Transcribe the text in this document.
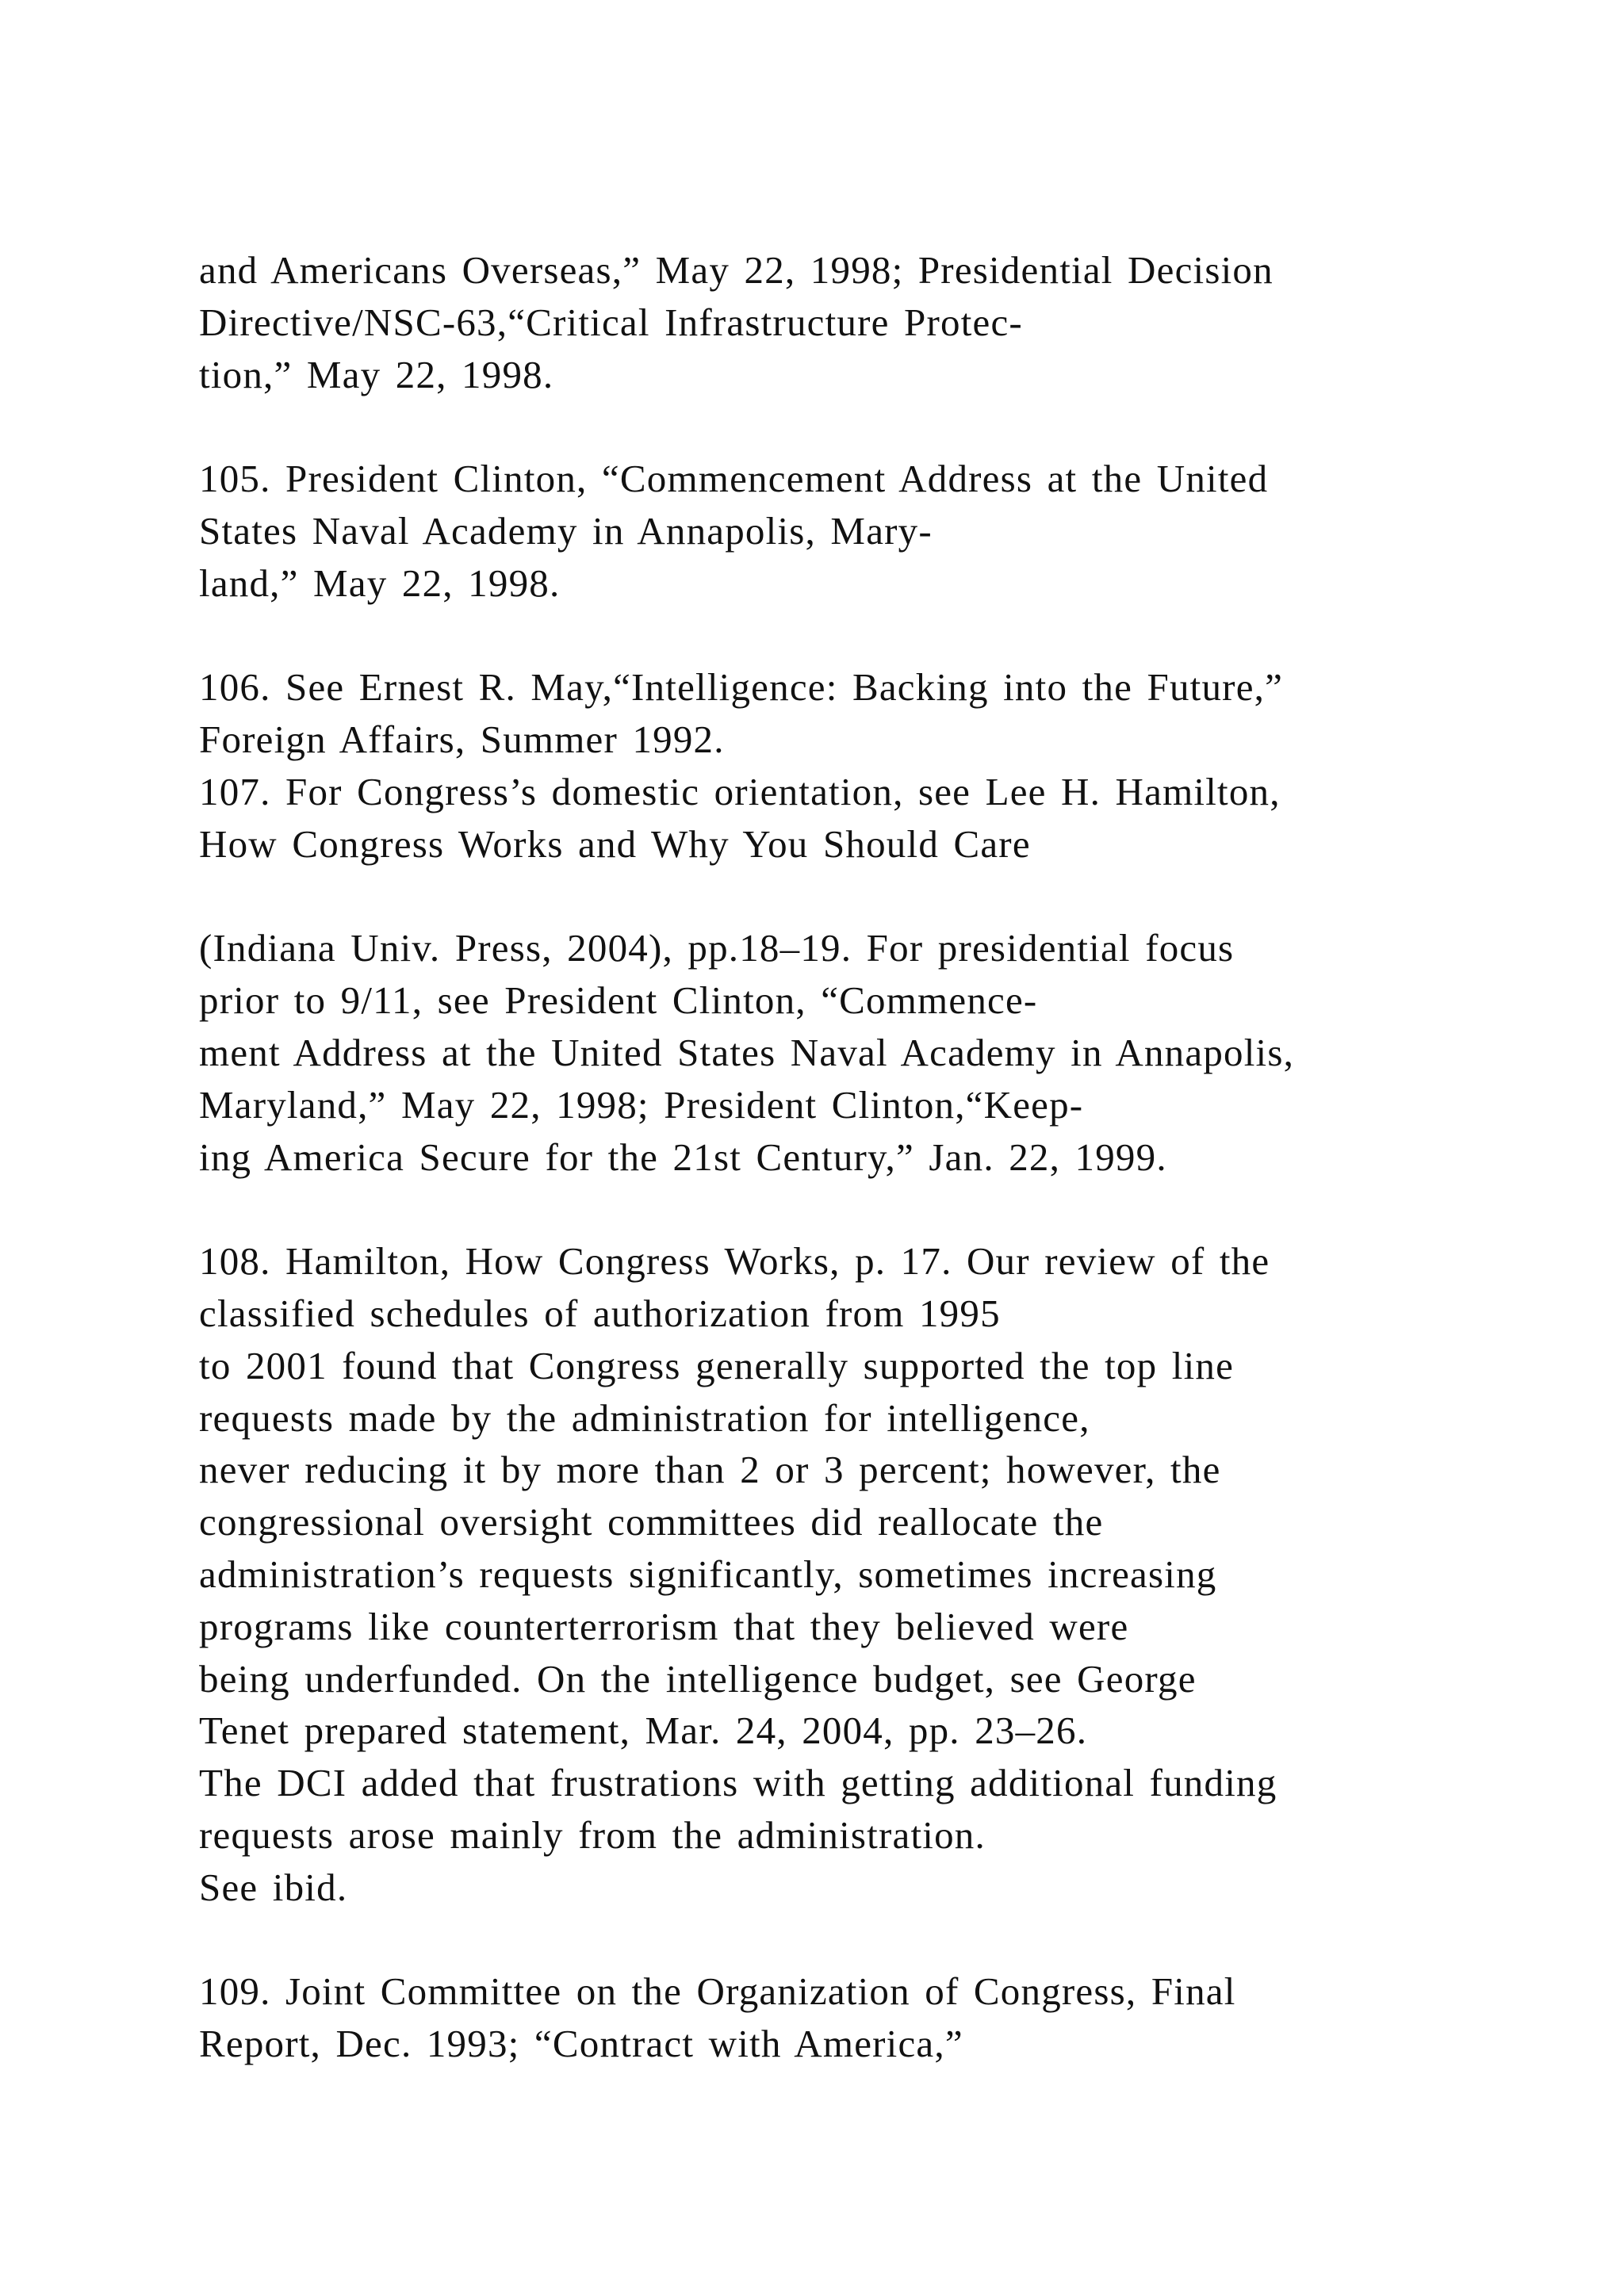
and Americans Overseas,” May 22, 1998; Presidential Decision
Directive/NSC-63,“Critical Infrastructure Protec-
tion,” May 22, 1998.
105. President Clinton, “Commencement Address at the United
States Naval Academy in Annapolis, Mary-
land,” May 22, 1998.
106. See Ernest R. May,“Intelligence: Backing into the Future,”
Foreign Affairs, Summer 1992.
107. For Congress’s domestic orientation, see Lee H. Hamilton,
How Congress Works and Why You Should Care
(Indiana Univ. Press, 2004), pp.18–19. For presidential focus
prior to 9/11, see President Clinton, “Commence-
ment Address at the United States Naval Academy in Annapolis,
Maryland,” May 22, 1998; President Clinton,“Keep-
ing America Secure for the 21st Century,” Jan. 22, 1999.
108. Hamilton, How Congress Works, p. 17. Our review of the
classified schedules of authorization from 1995
to 2001 found that Congress generally supported the top line
requests made by the administration for intelligence,
never reducing it by more than 2 or 3 percent; however, the
congressional oversight committees did reallocate the
administration’s requests significantly, sometimes increasing
programs like counterterrorism that they believed were
being underfunded. On the intelligence budget, see George
Tenet prepared statement, Mar. 24, 2004, pp. 23–26.
The DCI added that frustrations with getting additional funding
requests arose mainly from the administration.
See ibid.
109. Joint Committee on the Organization of Congress, Final
Report, Dec. 1993; “Contract with America,”
